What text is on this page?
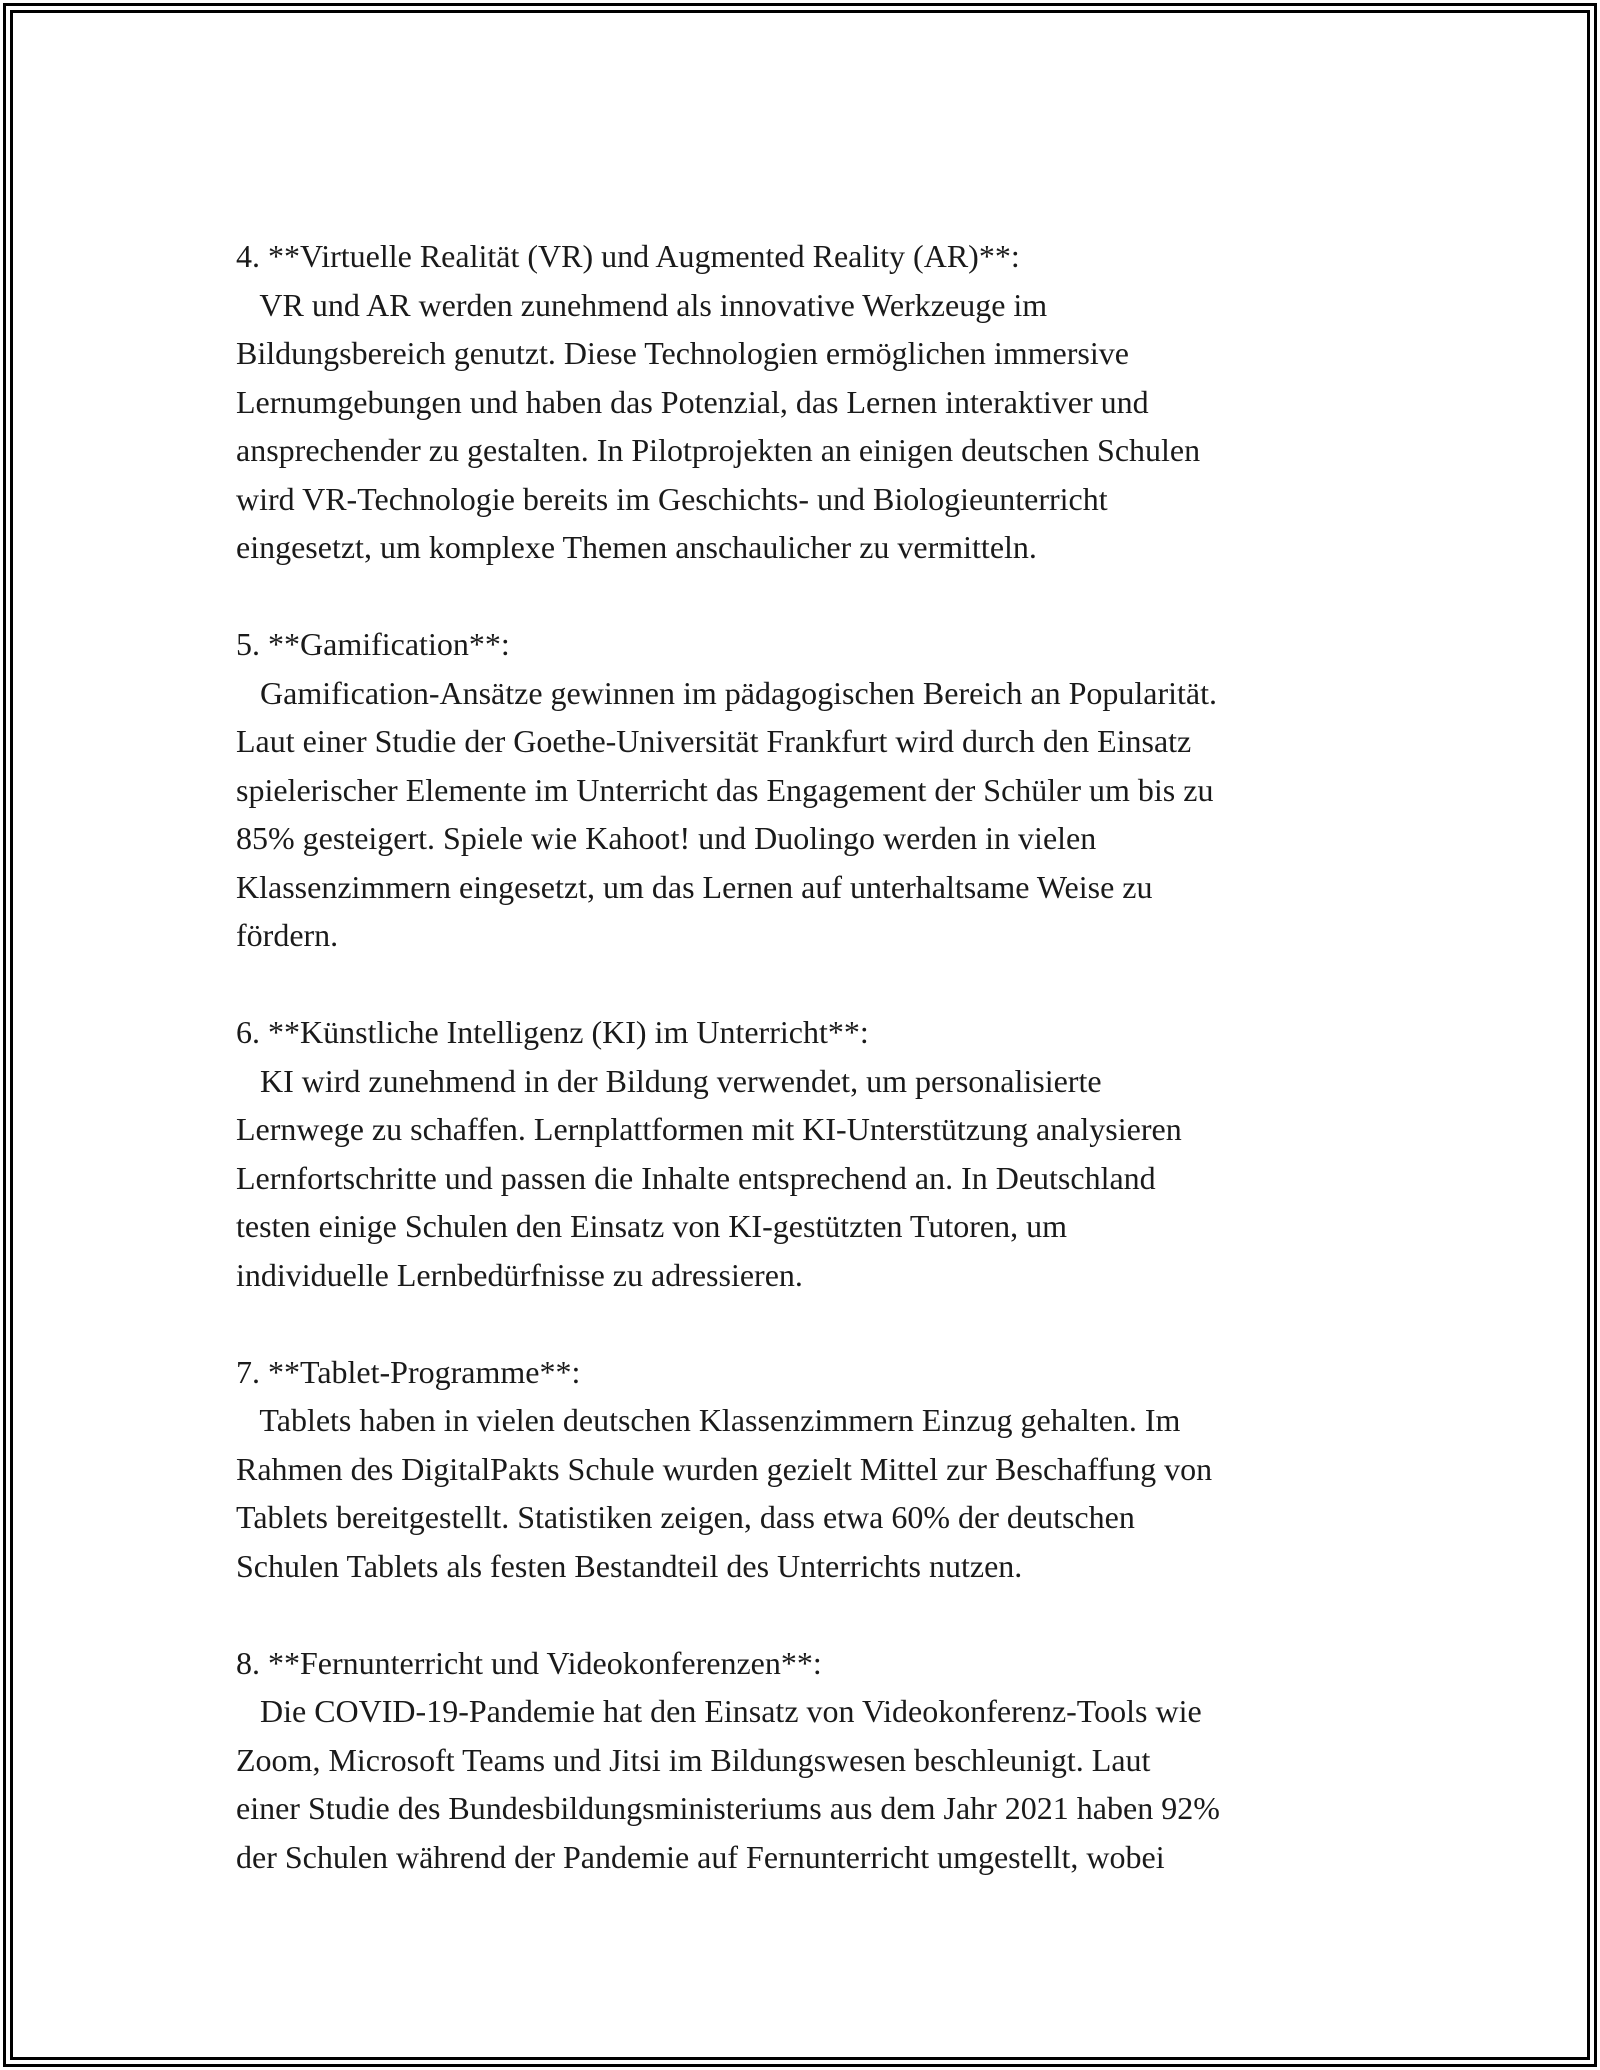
4. **Virtuelle Realität (VR) und Augmented Reality (AR)**:
VR und AR werden zunehmend als innovative Werkzeuge im
Bildungsbereich genutzt. Diese Technologien ermöglichen immersive
Lernumgebungen und haben das Potenzial, das Lernen interaktiver und
ansprechender zu gestalten. In Pilotprojekten an einigen deutschen Schulen
wird VR-Technologie bereits im Geschichts- und Biologieunterricht
eingesetzt, um komplexe Themen anschaulicher zu vermitteln.
5. **Gamification**:
Gamification-Ansätze gewinnen im pädagogischen Bereich an Popularität.
Laut einer Studie der Goethe-Universität Frankfurt wird durch den Einsatz
spielerischer Elemente im Unterricht das Engagement der Schüler um bis zu
85% gesteigert. Spiele wie Kahoot! und Duolingo werden in vielen
Klassenzimmern eingesetzt, um das Lernen auf unterhaltsame Weise zu
fördern.
6. **Künstliche Intelligenz (KI) im Unterricht**:
KI wird zunehmend in der Bildung verwendet, um personalisierte
Lernwege zu schaffen. Lernplattformen mit KI-Unterstützung analysieren
Lernfortschritte und passen die Inhalte entsprechend an. In Deutschland
testen einige Schulen den Einsatz von KI-gestützten Tutoren, um
individuelle Lernbedürfnisse zu adressieren.
7. **Tablet-Programme**:
Tablets haben in vielen deutschen Klassenzimmern Einzug gehalten. Im
Rahmen des DigitalPakts Schule wurden gezielt Mittel zur Beschaffung von
Tablets bereitgestellt. Statistiken zeigen, dass etwa 60% der deutschen
Schulen Tablets als festen Bestandteil des Unterrichts nutzen.
8. **Fernunterricht und Videokonferenzen**:
Die COVID-19-Pandemie hat den Einsatz von Videokonferenz-Tools wie
Zoom, Microsoft Teams und Jitsi im Bildungswesen beschleunigt. Laut
einer Studie des Bundesbildungsministeriums aus dem Jahr 2021 haben 92%
der Schulen während der Pandemie auf Fernunterricht umgestellt, wobei
